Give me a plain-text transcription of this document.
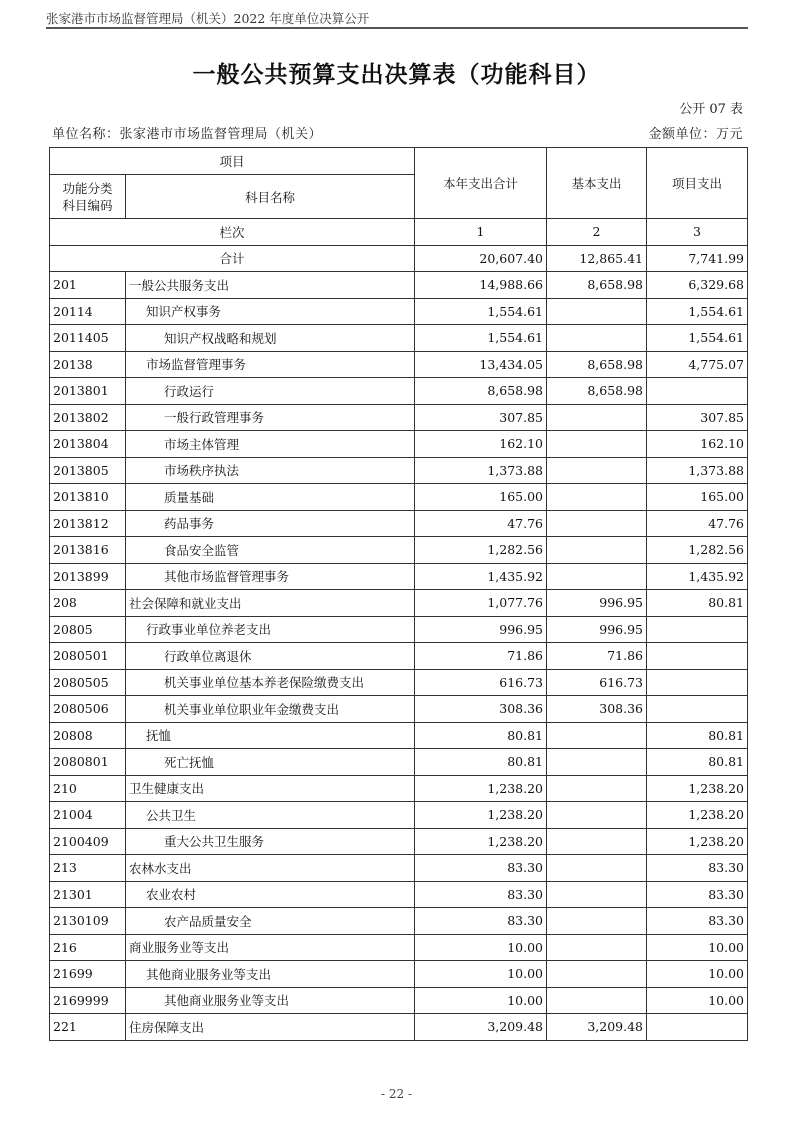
张家港市市场监督管理局（机关）2022 年度单位决算公开
一般公共预算支出决算表（功能科目）
公开 07 表
单位名称：张家港市市场监督管理局（机关）	金额单位：万元
项目		本年支出合计	基本支出	项目支出

功能分类
科目编码	科目名称			
栏次		1	2	3
合计		20,607.40	12,865.41	7,741.99
201	一般公共服务支出	14,988.66	8,658.98	6,329.68
20114	知识产权事务	1,554.61		1,554.61
2011405	知识产权战略和规划	1,554.61		1,554.61
20138	市场监督管理事务	13,434.05	8,658.98	4,775.07
2013801	行政运行	8,658.98	8,658.98	
2013802	一般行政管理事务	307.85		307.85
2013804	市场主体管理	162.10		162.10
2013805	市场秩序执法	1,373.88		1,373.88
2013810	质量基础	165.00		165.00
2013812	药品事务	47.76		47.76
2013816	食品安全监管	1,282.56		1,282.56
2013899	其他市场监督管理事务	1,435.92		1,435.92
208	社会保障和就业支出	1,077.76	996.95	80.81
20805	行政事业单位养老支出	996.95	996.95	
2080501	行政单位离退休	71.86	71.86	
2080505	机关事业单位基本养老保险缴费支出	616.73	616.73	
2080506	机关事业单位职业年金缴费支出	308.36	308.36	
20808	抚恤	80.81		80.81
2080801	死亡抚恤	80.81		80.81
210	卫生健康支出	1,238.20		1,238.20
21004	公共卫生	1,238.20		1,238.20
2100409	重大公共卫生服务	1,238.20		1,238.20
213	农林水支出	83.30		83.30
21301	农业农村	83.30		83.30
2130109	农产品质量安全	83.30		83.30
216	商业服务业等支出	10.00		10.00
21699	其他商业服务业等支出	10.00		10.00
2169999	其他商业服务业等支出	10.00		10.00
221	住房保障支出	3,209.48	3,209.48	
- 22 -
